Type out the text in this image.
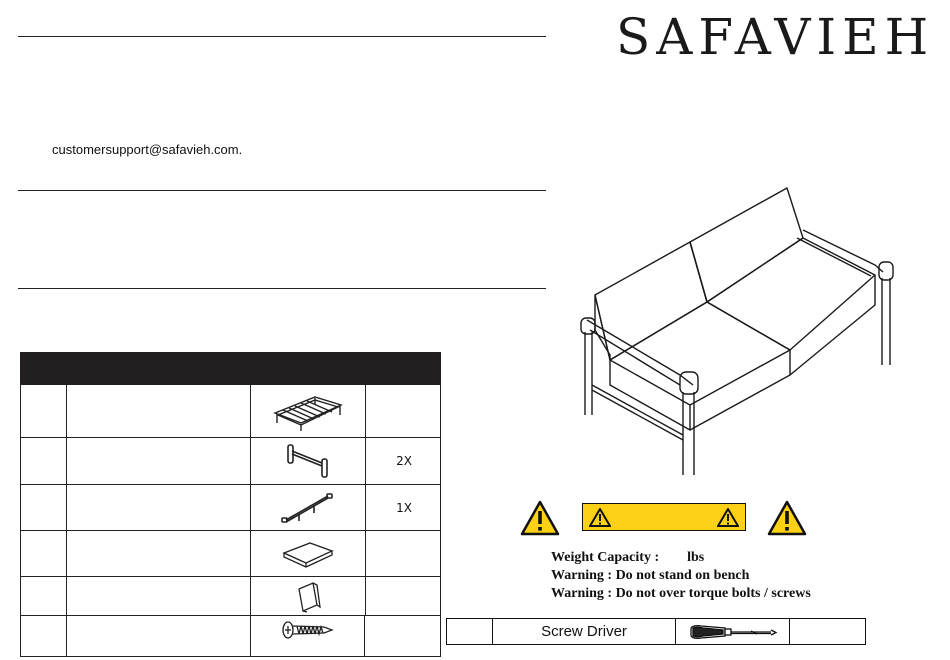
customersupport@safavieh.com.
SAFAVIEH
2X
1X
Weight Capacity :        lbs
Warning : Do not stand on bench
Warning : Do not over torque bolts / screws
Screw Driver
